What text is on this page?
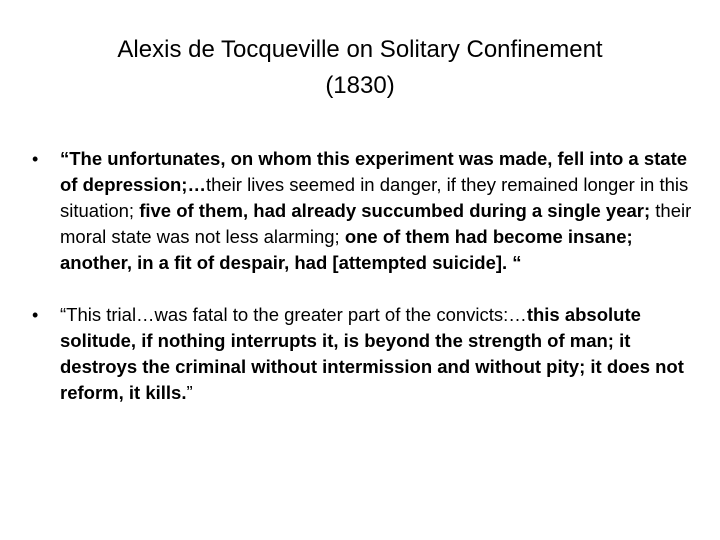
Alexis de Tocqueville on Solitary Confinement
(1830)
• “The unfortunates, on whom this experiment was made, fell into a state of depression;…their lives seemed in danger, if they remained longer in this situation; five of them, had already succumbed during a single year; their moral state was not less alarming; one of them had become insane; another, in a fit of despair, had [attempted suicide]. “
• “This trial…was fatal to the greater part of the convicts:…this absolute solitude, if nothing interrupts it, is beyond the strength of man; it destroys the criminal without intermission and without pity; it does not reform, it kills.”
